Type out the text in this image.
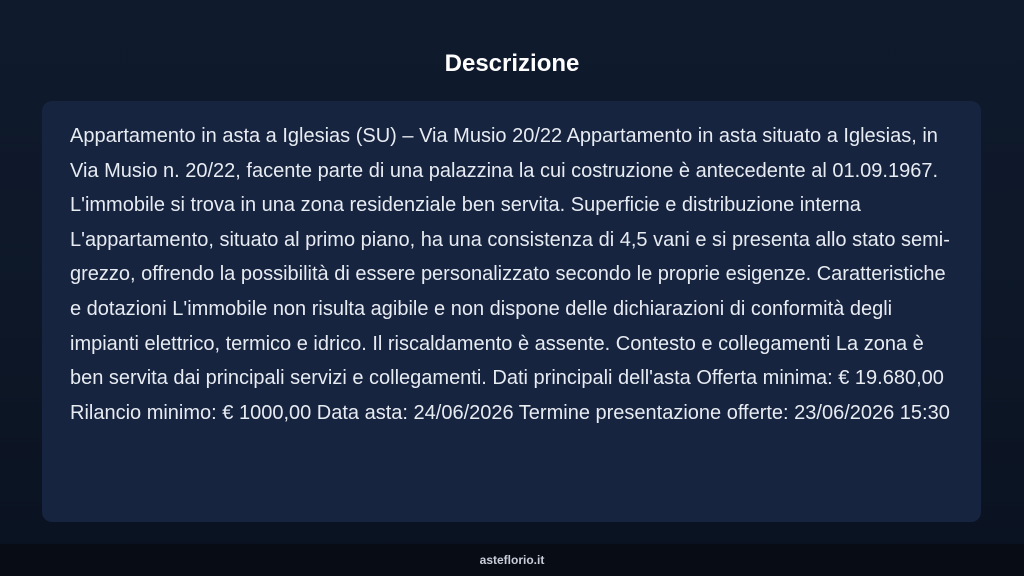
Descrizione

Appartamento in asta a Iglesias (SU) – Via Musio 20/22 Appartamento in asta situato a Iglesias, in Via Musio n. 20/22, facente parte di una palazzina la cui costruzione è antecedente al 01.09.1967. L'immobile si trova in una zona residenziale ben servita. Superficie e distribuzione interna L'appartamento, situato al primo piano, ha una consistenza di 4,5 vani e si presenta allo stato semi-grezzo, offrendo la possibilità di essere personalizzato secondo le proprie esigenze. Caratteristiche e dotazioni L'immobile non risulta agibile e non dispone delle dichiarazioni di conformità degli impianti elettrico, termico e idrico. Il riscaldamento è assente. Contesto e collegamenti La zona è ben servita dai principali servizi e collegamenti. Dati principali dell'asta Offerta minima: € 19.680,00 Rilancio minimo: € 1000,00 Data asta: 24/06/2026 Termine presentazione offerte: 23/06/2026 15:30

asteflorio.it
